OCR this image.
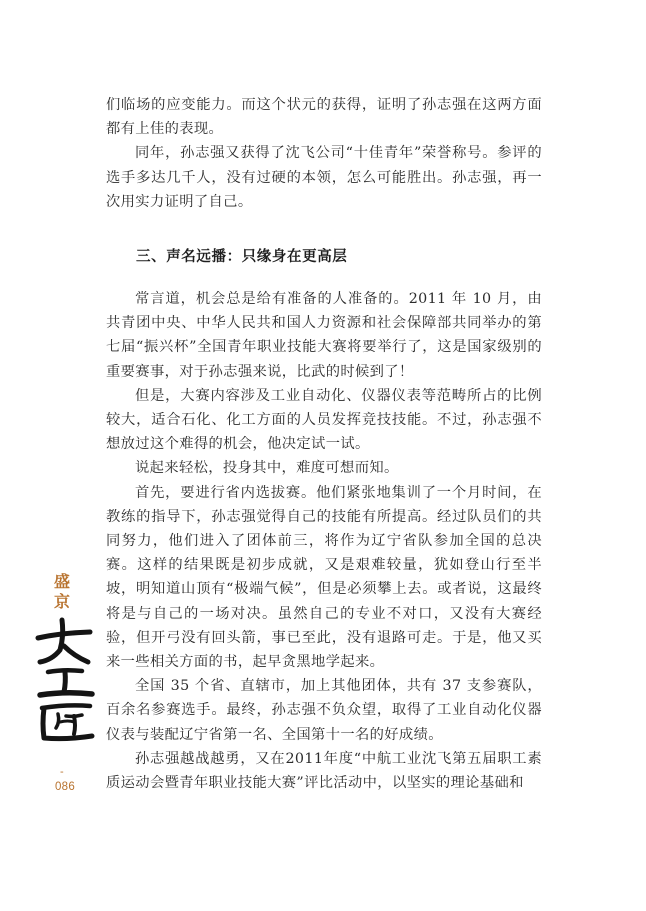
们临场的应变能力。而这个状元的获得，证明了孙志强在这两方面都有上佳的表现。

同年，孙志强又获得了沈飞公司“十佳青年”荣誉称号。参评的选手多达几千人，没有过硬的本领，怎么可能胜出。孙志强，再一次用实力证明了自己。

三、声名远播：只缘身在更高层

常言道，机会总是给有准备的人准备的。2011 年 10 月，由共青团中央、中华人民共和国人力资源和社会保障部共同举办的第七届“振兴杯”全国青年职业技能大赛将要举行了，这是国家级别的重要赛事，对于孙志强来说，比武的时候到了！

但是，大赛内容涉及工业自动化、仪器仪表等范畴所占的比例较大，适合石化、化工方面的人员发挥竞技技能。不过，孙志强不想放过这个难得的机会，他决定试一试。

说起来轻松，投身其中，难度可想而知。

首先，要进行省内选拔赛。他们紧张地集训了一个月时间，在教练的指导下，孙志强觉得自己的技能有所提高。经过队员们的共同努力，他们进入了团体前三，将作为辽宁省队参加全国的总决赛。这样的结果既是初步成就，又是艰难较量，犹如登山行至半坡，明知道山顶有“极端气候”，但是必须攀上去。或者说，这最终将是与自己的一场对决。虽然自己的专业不对口，又没有大赛经验，但开弓没有回头箭，事已至此，没有退路可走。于是，他又买来一些相关方面的书，起早贪黑地学起来。

全国 35 个省、直辖市，加上其他团体，共有 37 支参赛队，百余名参赛选手。最终，孙志强不负众望，取得了工业自动化仪器仪表与装配辽宁省第一名、全国第十一名的好成绩。

孙志强越战越勇，又在2011年度“中航工业沈飞第五届职工素质运动会暨青年职业技能大赛”评比活动中，以坚实的理论基础和

盛
京
-
086
